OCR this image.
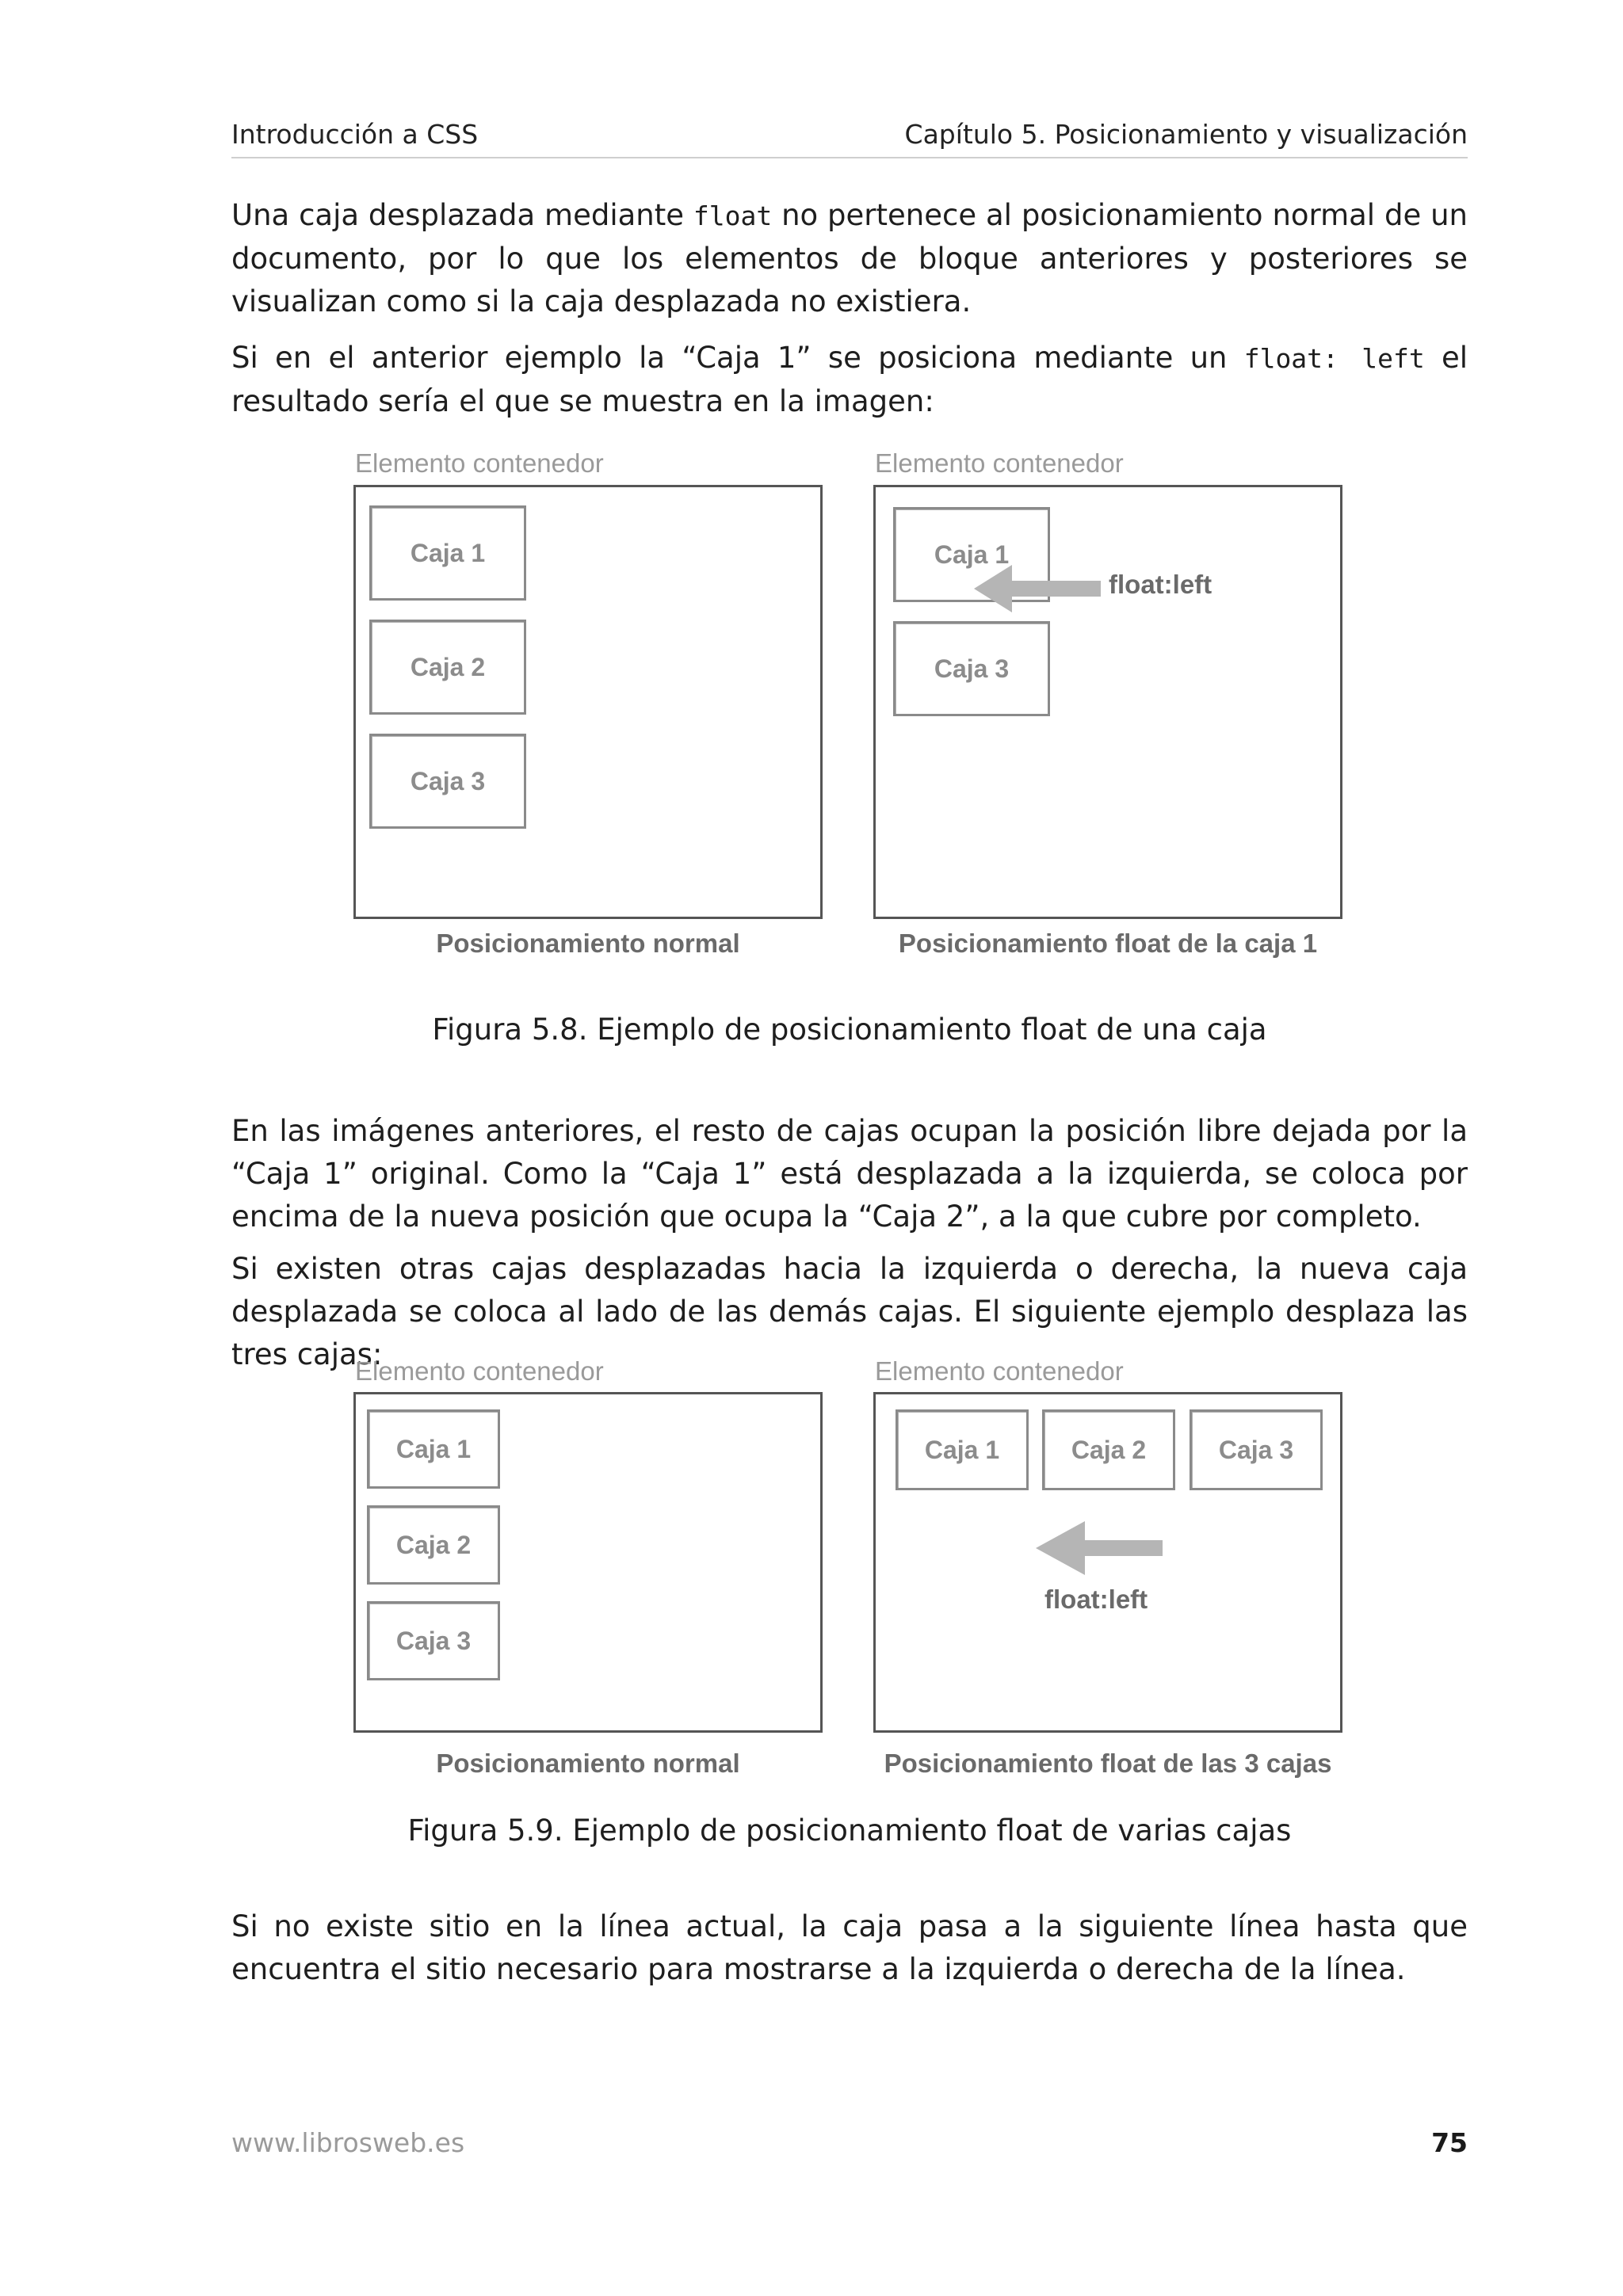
Introducción a CSS	Capítulo 5. Posicionamiento y visualización

Una caja desplazada mediante float no pertenece al posicionamiento normal de un documento, por lo que los elementos de bloque anteriores y posteriores se visualizan como si la caja desplazada no existiera.

Si en el anterior ejemplo la “Caja 1” se posiciona mediante un float: left el resultado sería el que se muestra en la imagen:

Elemento contenedor
Caja 1
Caja 2
Caja 3
Posicionamiento normal
Elemento contenedor
Caja 1
Caja 3
float:left
Posicionamiento float de la caja 1
Figura 5.8. Ejemplo de posicionamiento float de una caja

En las imágenes anteriores, el resto de cajas ocupan la posición libre dejada por la “Caja 1” original. Como la “Caja 1” está desplazada a la izquierda, se coloca por encima de la nueva posición que ocupa la “Caja 2”, a la que cubre por completo.

Si existen otras cajas desplazadas hacia la izquierda o derecha, la nueva caja desplazada se coloca al lado de las demás cajas. El siguiente ejemplo desplaza las tres cajas:

Elemento contenedor
Caja 1
Caja 2
Caja 3
Posicionamiento normal
Elemento contenedor
Caja 1	Caja 2	Caja 3
float:left
Posicionamiento float de las 3 cajas
Figura 5.9. Ejemplo de posicionamiento float de varias cajas

Si no existe sitio en la línea actual, la caja pasa a la siguiente línea hasta que encuentra el sitio necesario para mostrarse a la izquierda o derecha de la línea.

www.librosweb.es	75
